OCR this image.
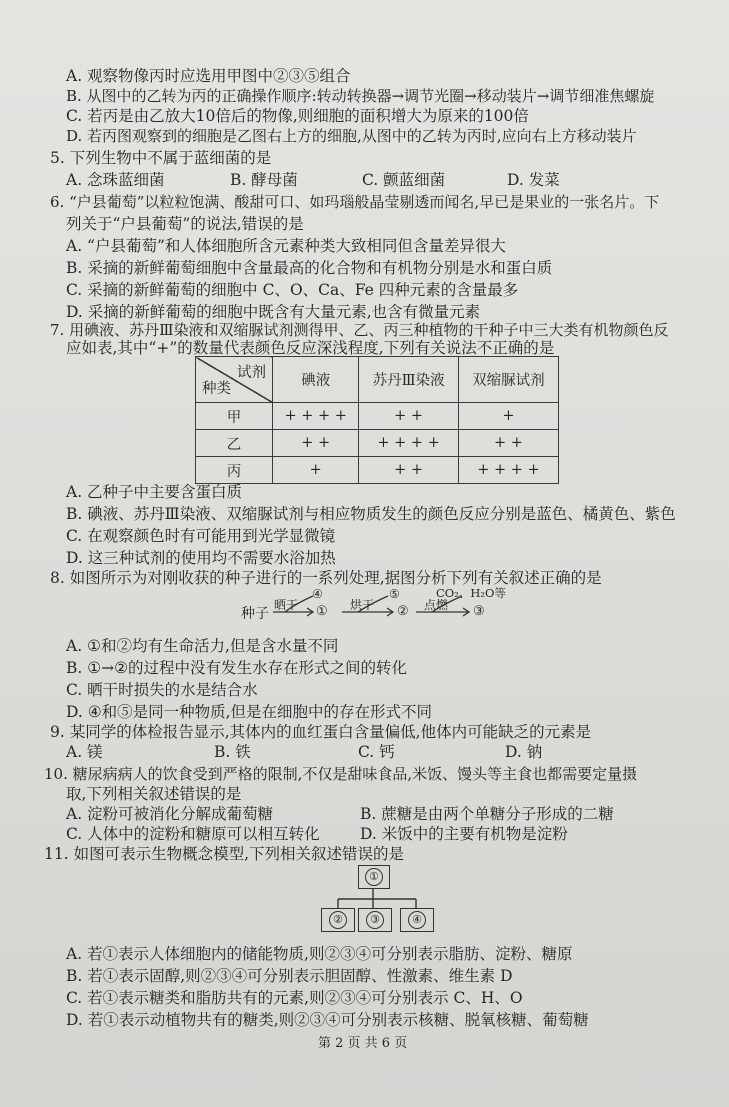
A. 观察物像丙时应选用甲图中②③⑤组合
B. 从图中的乙转为丙的正确操作顺序:转动转换器→调节光圈→移动装片→调节细准焦螺旋
C. 若丙是由乙放大10倍后的物像,则细胞的面积增大为原来的100倍
D. 若丙图观察到的细胞是乙图右上方的细胞,从图中的乙转为丙时,应向右上方移动装片
5. 下列生物中不属于蓝细菌的是
A. 念珠蓝细菌	B. 酵母菌	C. 颤蓝细菌	D. 发菜
6. “户县葡萄”以粒粒饱满、酸甜可口、如玛瑙般晶莹剔透而闻名,早已是果业的一张名片。下
列关于“户县葡萄”的说法,错误的是
A. “户县葡萄”和人体细胞所含元素种类大致相同但含量差异很大
B. 采摘的新鲜葡萄细胞中含量最高的化合物和有机物分别是水和蛋白质
C. 采摘的新鲜葡萄的细胞中 C、O、Ca、Fe 四种元素的含量最多
D. 采摘的新鲜葡萄的细胞中既含有大量元素,也含有微量元素
7. 用碘液、苏丹Ⅲ染液和双缩脲试剂测得甲、乙、丙三种植物的干种子中三大类有机物颜色反
应如表,其中“+”的数量代表颜色反应深浅程度,下列有关说法不正确的是
试剂
种类	碘液	苏丹Ⅲ染液	双缩脲试剂
甲	+ + + +	+ +	+
乙	+ +	+ + + +	+ +
丙	+	+ +	+ + + +
A. 乙种子中主要含蛋白质
B. 碘液、苏丹Ⅲ染液、双缩脲试剂与相应物质发生的颜色反应分别是蓝色、橘黄色、紫色
C. 在观察颜色时有可能用到光学显微镜
D. 这三种试剂的使用均不需要水浴加热
8. 如图所示为对刚收获的种子进行的一系列处理,据图分析下列有关叙述正确的是
种子
晒干
④
① 烘干
⑤
② 点燃
CO₂、H₂O等
③
A. ①和②均有生命活力,但是含水量不同
B. ①→②的过程中没有发生水存在形式之间的转化
C. 晒干时损失的水是结合水
D. ④和⑤是同一种物质,但是在细胞中的存在形式不同
9. 某同学的体检报告显示,其体内的血红蛋白含量偏低,他体内可能缺乏的元素是
A. 镁	B. 铁	C. 钙	D. 钠
10. 糖尿病病人的饮食受到严格的限制,不仅是甜味食品,米饭、馒头等主食也都需要定量摄
取,下列相关叙述错误的是
A. 淀粉可被消化分解成葡萄糖	B. 蔗糖是由两个单糖分子形成的二糖
C. 人体中的淀粉和糖原可以相互转化	D. 米饭中的主要有机物是淀粉
11. 如图可表示生物概念模型,下列相关叙述错误的是
①
②	③	④
A. 若①表示人体细胞内的储能物质,则②③④可分别表示脂肪、淀粉、糖原
B. 若①表示固醇,则②③④可分别表示胆固醇、性激素、维生素 D
C. 若①表示糖类和脂肪共有的元素,则②③④可分别表示 C、H、O
D. 若①表示动植物共有的糖类,则②③④可分别表示核糖、脱氧核糖、葡萄糖
第 2 页 共 6 页
